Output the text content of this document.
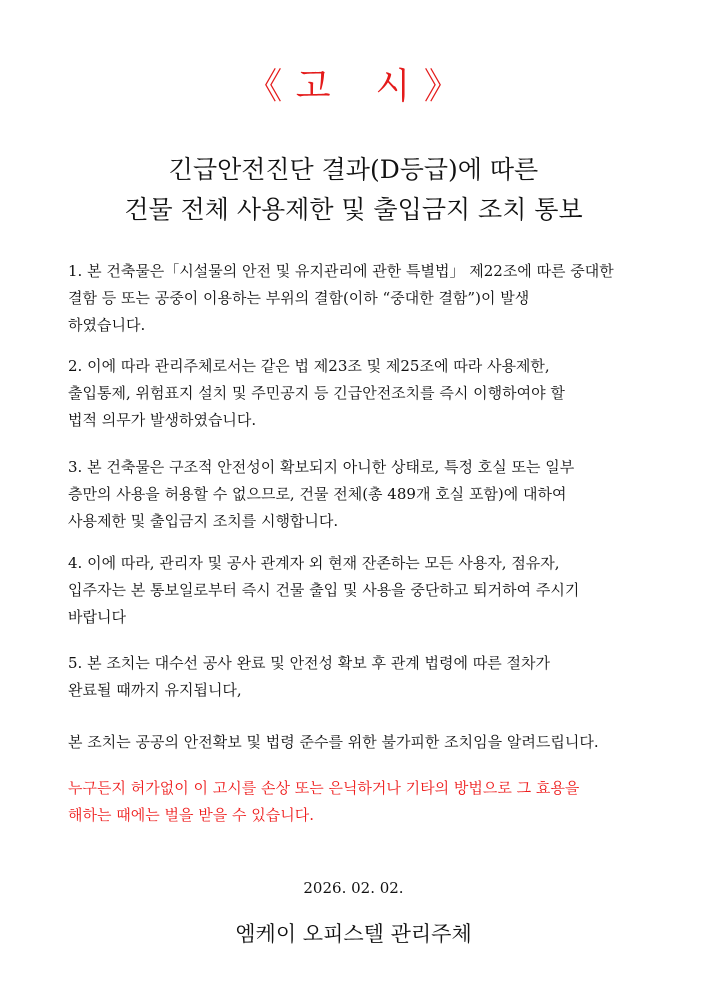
《 고 시 》
긴급안전진단 결과(D등급)에 따른
건물 전체 사용제한 및 출입금지 조치 통보
1. 본 건축물은「시설물의 안전 및 유지관리에 관한 특별법」 제22조에 따른 중대한
결함 등 또는 공중이 이용하는 부위의 결함(이하 “중대한 결함”)이 발생
하였습니다.
2. 이에 따라 관리주체로서는 같은 법 제23조 및 제25조에 따라 사용제한,
출입통제, 위험표지 설치 및 주민공지 등 긴급안전조치를 즉시 이행하여야 할
법적 의무가 발생하였습니다.
3. 본 건축물은 구조적 안전성이 확보되지 아니한 상태로, 특정 호실 또는 일부
층만의 사용을 허용할 수 없으므로, 건물 전체(총 489개 호실 포함)에 대하여
사용제한 및 출입금지 조치를 시행합니다.
4. 이에 따라, 관리자 및 공사 관계자 외 현재 잔존하는 모든 사용자, 점유자,
입주자는 본 통보일로부터 즉시 건물 출입 및 사용을 중단하고 퇴거하여 주시기
바랍니다
5. 본 조치는 대수선 공사 완료 및 안전성 확보 후 관계 법령에 따른 절차가
완료될 때까지 유지됩니다,
본 조치는 공공의 안전확보 및 법령 준수를 위한 불가피한 조치임을 알려드립니다.
누구든지 허가없이 이 고시를 손상 또는 은닉하거나 기타의 방법으로 그 효용을
해하는 때에는 벌을 받을 수 있습니다.
2026. 02. 02.
엠케이 오피스텔 관리주체
